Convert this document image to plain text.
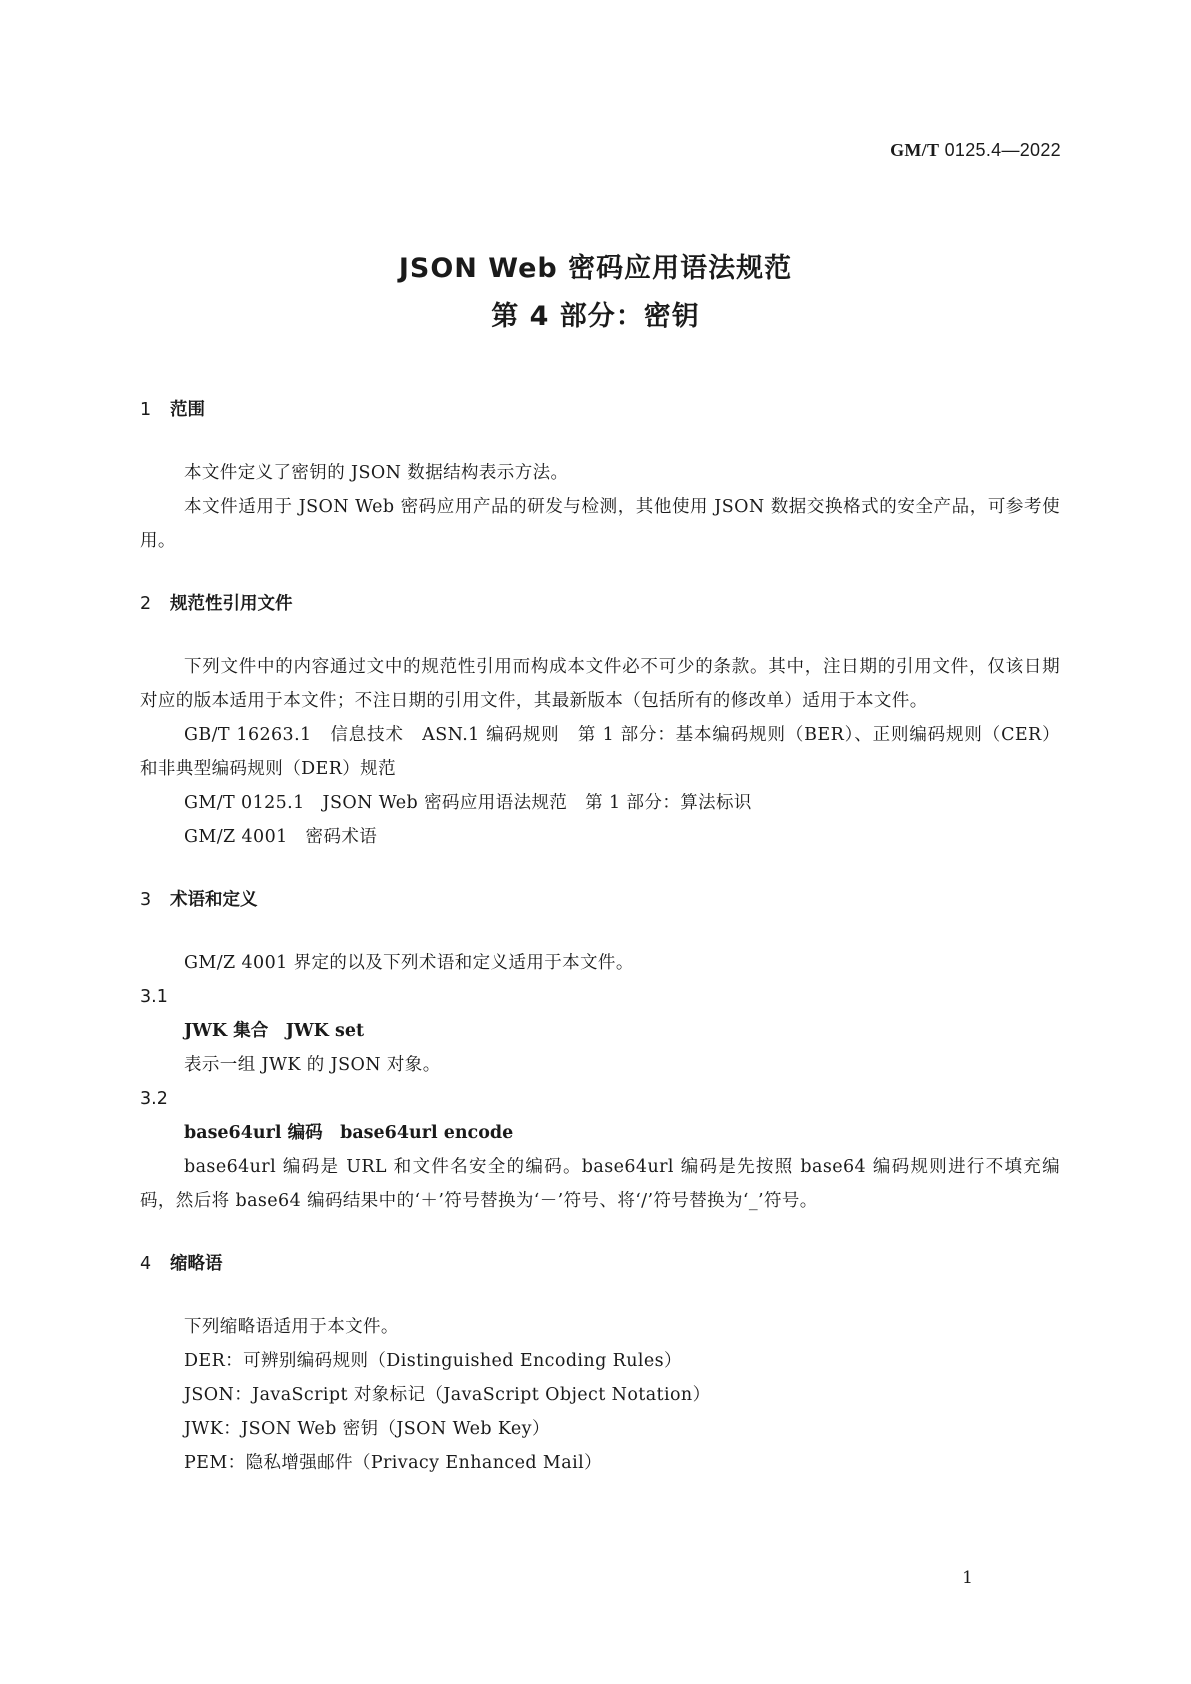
GM/T 0125.4—2022
JSON Web 密码应用语法规范
第 4 部分：密钥
1 范围

本文件定义了密钥的 JSON 数据结构表示方法。

本文件适用于 JSON Web 密码应用产品的研发与检测，其他使用 JSON 数据交换格式的安全产品，可参考使用。

2 规范性引用文件

下列文件中的内容通过文中的规范性引用而构成本文件必不可少的条款。其中，注日期的引用文件，仅该日期对应的版本适用于本文件；不注日期的引用文件，其最新版本（包括所有的修改单）适用于本文件。

GB/T 16263.1　信息技术　ASN.1 编码规则　第 1 部分：基本编码规则（BER）、正则编码规则（CER）和非典型编码规则（DER）规范

GM/T 0125.1　JSON Web 密码应用语法规范　第 1 部分：算法标识

GM/Z 4001　密码术语

3 术语和定义

GM/Z 4001 界定的以及下列术语和定义适用于本文件。

3.1
JWK 集合　JWK set

表示一组 JWK 的 JSON 对象。

3.2
base64url 编码　base64url encode

base64url 编码是 URL 和文件名安全的编码。base64url 编码是先按照 base64 编码规则进行不填充编码，然后将 base64 编码结果中的‘＋’符号替换为‘－’符号、将‘/’符号替换为‘_’符号。

4 缩略语

下列缩略语适用于本文件。

DER：可辨别编码规则（Distinguished Encoding Rules）

JSON：JavaScript 对象标记（JavaScript Object Notation）

JWK：JSON Web 密钥（JSON Web Key）

PEM：隐私增强邮件（Privacy Enhanced Mail）

1
